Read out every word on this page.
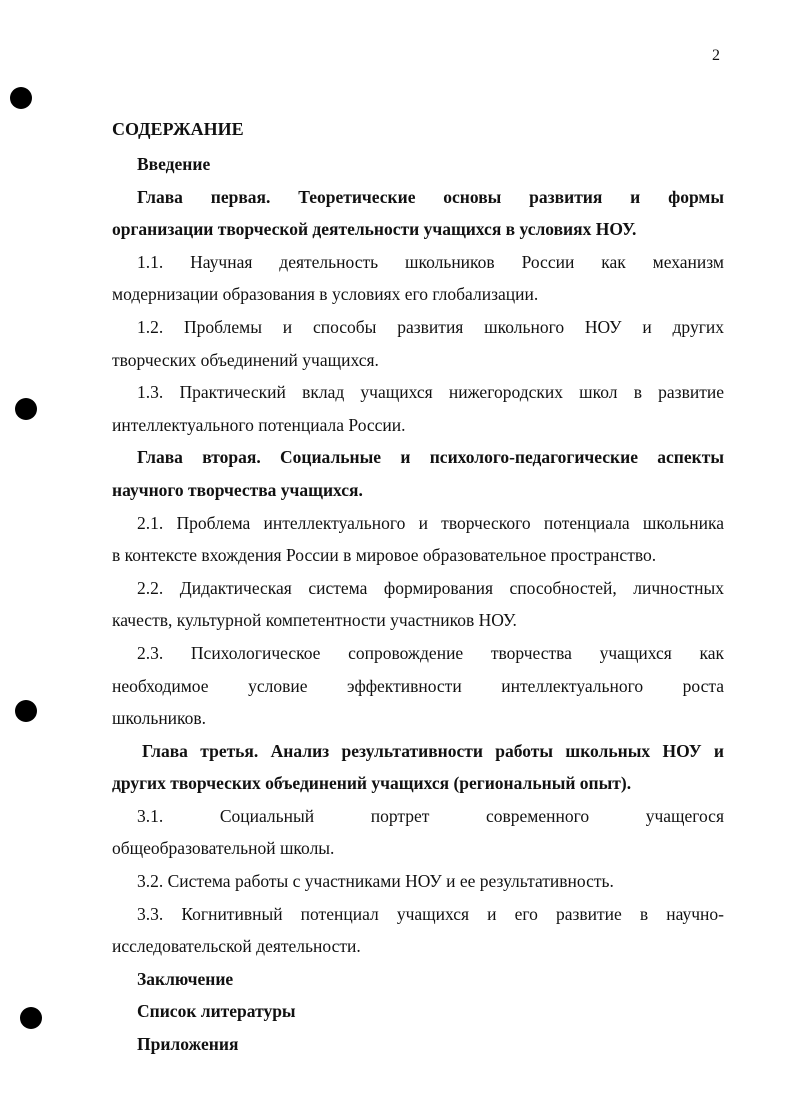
2
СОДЕРЖАНИЕ

Введение

Глава первая. Теоретические основы развития и формы

организации творческой деятельности учащихся в условиях НОУ.

1.1. Научная деятельность школьников России как механизм

модернизации образования в условиях его глобализации.

1.2. Проблемы и способы развития школьного НОУ и других

творческих объединений учащихся.

1.3. Практический вклад учащихся нижегородских школ в развитие

интеллектуального потенциала России.

Глава вторая. Социальные и психолого-педагогические аспекты

научного творчества учащихся.

2.1. Проблема интеллектуального и творческого потенциала школьника

в контексте вхождения России в мировое образовательное пространство.

2.2. Дидактическая система формирования способностей, личностных

качеств, культурной компетентности участников НОУ.

2.3. Психологическое сопровождение творчества учащихся как

необходимое условие эффективности интеллектуального роста

школьников.

Глава третья. Анализ результативности работы школьных НОУ и

других творческих объединений учащихся (региональный опыт).

3.1. Социальный портрет современного учащегося

общеобразовательной школы.

3.2. Система работы с участниками НОУ и ее результативность.

3.3. Когнитивный потенциал учащихся и его развитие в научно-

исследовательской деятельности.

Заключение

Список литературы

Приложения
